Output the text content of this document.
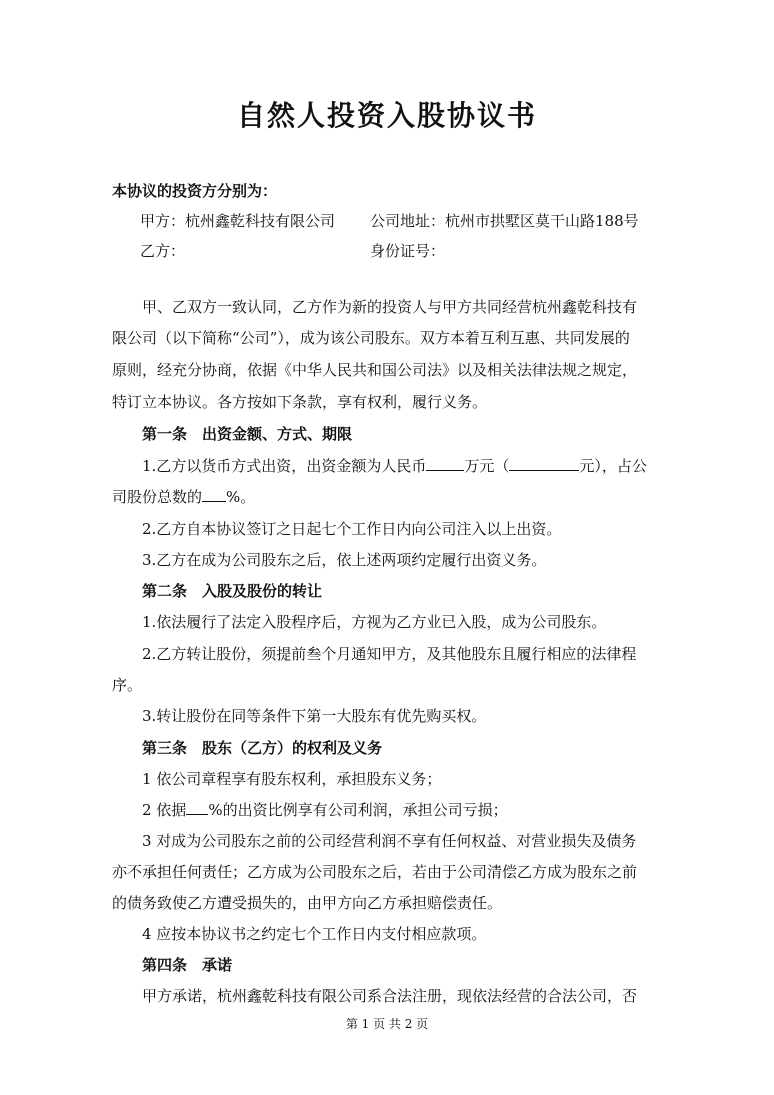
自然人投资入股协议书
本协议的投资方分别为：
甲方：杭州鑫乾科技有限公司 公司地址：杭州市拱墅区莫干山路188号
乙方：	身份证号：
甲、乙双方一致认同，乙方作为新的投资人与甲方共同经营杭州鑫乾科技有
限公司（以下简称“公司”），成为该公司股东。双方本着互利互惠、共同发展的
原则，经充分协商，依据《中华人民共和国公司法》以及相关法律法规之规定，
特订立本协议。各方按如下条款，享有权利，履行义务。
第一条　出资金额、方式、期限
1.乙方以货币方式出资，出资金额为人民币	万元（	元），占公
司股份总数的 %。
2.乙方自本协议签订之日起七个工作日内向公司注入以上出资。
3.乙方在成为公司股东之后，依上述两项约定履行出资义务。
第二条　入股及股份的转让
1.依法履行了法定入股程序后，方视为乙方业已入股，成为公司股东。
2.乙方转让股份，须提前叁个月通知甲方，及其他股东且履行相应的法律程
序。
3.转让股份在同等条件下第一大股东有优先购买权。
第三条　股东（乙方）的权利及义务
1 依公司章程享有股东权利，承担股东义务；
2 依据 %的出资比例享有公司利润，承担公司亏损；
3 对成为公司股东之前的公司经营利润不享有任何权益、对营业损失及债务
亦不承担任何责任；乙方成为公司股东之后，若由于公司清偿乙方成为股东之前
的债务致使乙方遭受损失的，由甲方向乙方承担赔偿责任。
4 应按本协议书之约定七个工作日内支付相应款项。
第四条　承诺
甲方承诺，杭州鑫乾科技有限公司系合法注册，现依法经营的合法公司，否
第 1 页 共 2 页
